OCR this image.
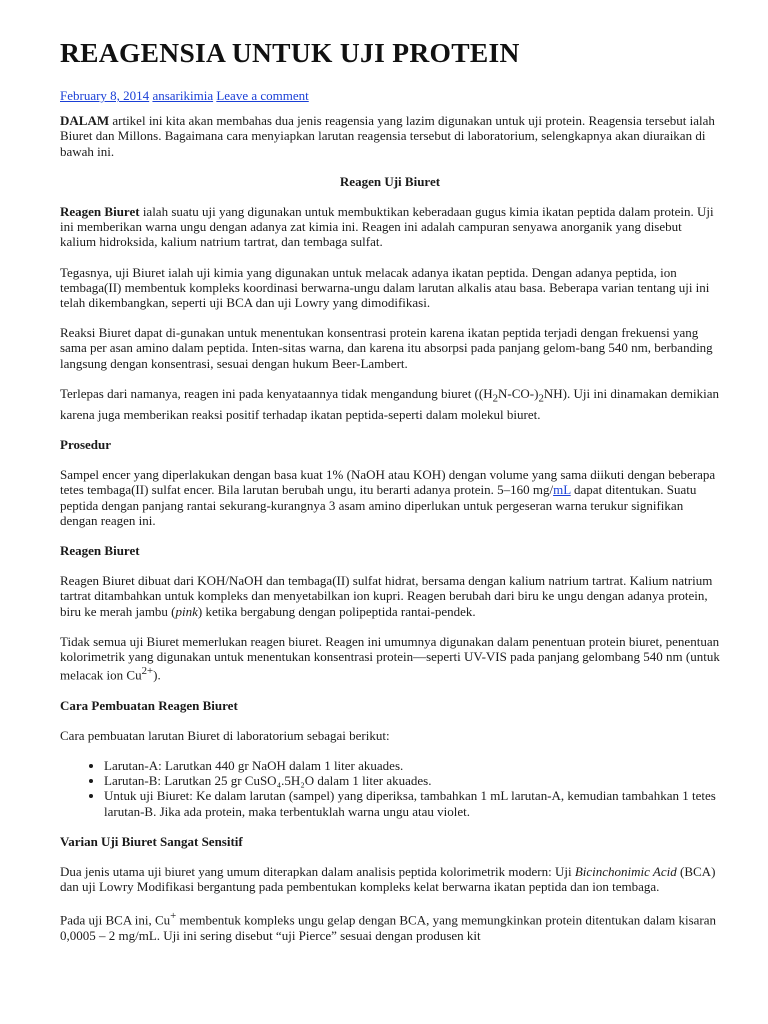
REAGENSIA UNTUK UJI PROTEIN
February 8, 2014 ansarikimia Leave a comment

DALAM artikel ini kita akan membahas dua jenis reagensia yang lazim digunakan untuk uji protein. Reagensia tersebut ialah Biuret dan Millons. Bagaimana cara menyiapkan larutan reagensia tersebut di laboratorium, selengkapnya akan diuraikan di bawah ini.

Reagen Uji Biuret

Reagen Biuret ialah suatu uji yang digunakan untuk membuktikan keberadaan gugus kimia ikatan peptida dalam protein. Uji ini memberikan warna ungu dengan adanya zat kimia ini. Reagen ini adalah campuran senyawa anorganik yang disebut kalium hidroksida, kalium natrium tartrat, dan tembaga sulfat.

Tegasnya, uji Biuret ialah uji kimia yang digunakan untuk melacak adanya ikatan peptida. Dengan adanya peptida, ion tembaga(II) membentuk kompleks koordinasi berwarna-ungu dalam larutan alkalis atau basa. Beberapa varian tentang uji ini telah dikembangkan, seperti uji BCA dan uji Lowry yang dimodifikasi.

Reaksi Biuret dapat di-gunakan untuk menentukan konsentrasi protein karena ikatan peptida terjadi dengan frekuensi yang sama per asan amino dalam peptida. Inten-sitas warna, dan karena itu absorpsi pada panjang gelom-bang 540 nm, berbanding langsung dengan konsentrasi, sesuai dengan hukum Beer-Lambert.

Terlepas dari namanya, reagen ini pada kenyataannya tidak mengandung biuret $((H_2N-CO-)_2NH)$. Uji ini dinamakan demikian karena juga memberikan reaksi positif terhadap ikatan peptida-seperti dalam molekul biuret.

Prosedur

Sampel encer yang diperlakukan dengan basa kuat 1% (NaOH atau KOH) dengan volume yang sama diikuti dengan beberapa tetes tembaga(II) sulfat encer. Bila larutan berubah ungu, itu berarti adanya protein. 5–160 mg/mL dapat ditentukan. Suatu peptida dengan panjang rantai sekurang-kurangnya 3 asam amino diperlukan untuk pergeseran warna terukur signifikan dengan reagen ini.

Reagen Biuret

Reagen Biuret dibuat dari KOH/NaOH dan tembaga(II) sulfat hidrat, bersama dengan kalium natrium tartrat. Kalium natrium tartrat ditambahkan untuk kompleks dan menyetabilkan ion kupri. Reagen berubah dari biru ke ungu dengan adanya protein, biru ke merah jambu (pink) ketika bergabung dengan polipeptida rantai-pendek.

Tidak semua uji Biuret memerlukan reagen biuret. Reagen ini umumnya digunakan dalam penentuan protein biuret, penentuan kolorimetrik yang digunakan untuk menentukan konsentrasi protein—seperti UV-VIS pada panjang gelombang 540 nm (untuk melacak ion $Cu^{2+}$).

Cara Pembuatan Reagen Biuret

Cara pembuatan larutan Biuret di laboratorium sebagai berikut:

• Larutan-A: Larutkan 440 gr NaOH dalam 1 liter akuades.
• Larutan-B: Larutkan 25 gr CuSO₄.5H₂O dalam 1 liter akuades.
• Untuk uji Biuret: Ke dalam larutan (sampel) yang diperiksa, tambahkan 1 mL larutan-A, kemudian tambahkan 1 tetes larutan-B. Jika ada protein, maka terbentuklah warna ungu atau violet.

Varian Uji Biuret Sangat Sensitif

Dua jenis utama uji biuret yang umum diterapkan dalam analisis peptida kolorimetrik modern: Uji Bicinchonimic Acid (BCA) dan uji Lowry Modifikasi bergantung pada pembentukan kompleks kelat berwarna ikatan peptida dan ion tembaga.

Pada uji BCA ini, Cu+ membentuk kompleks ungu gelap dengan BCA, yang memungkinkan protein ditentukan dalam kisaran 0,0005 – 2 mg/mL. Uji ini sering disebut “uji Pierce” sesuai dengan produsen kit
